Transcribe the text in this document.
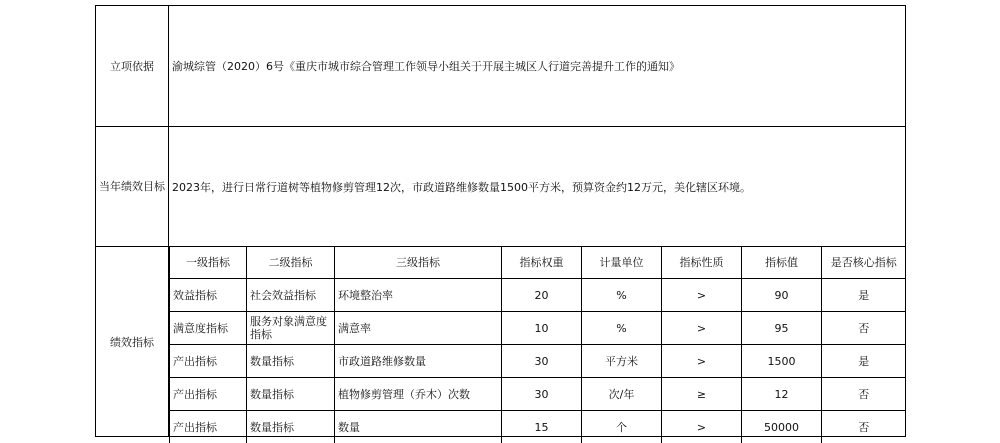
立项依据	渝城综管（2020）6号《重庆市城市综合管理工作领导小组关于开展主城区人行道完善提升工作的通知》
当年绩效目标 2023年，进行日常行道树等植物修剪管理12次，市政道路维修数量1500平方米，预算资金约12万元，美化辖区环境。
绩效指标
一级指标	二级指标	三级指标	指标权重	计量单位	指标性质	指标值	是否核心指标
效益指标	社会效益指标	环境整治率	20	%	>	90	是
满意度指标	服务对象满意度指标	满意率	10	%	>	95	否
产出指标	数量指标	市政道路维修数量	30	平方米	>	1500	是
产出指标	数量指标	植物修剪管理（乔木）次数	30	次/年	≥	12	否
产出指标	数量指标	数量	15	个	>	50000	否
